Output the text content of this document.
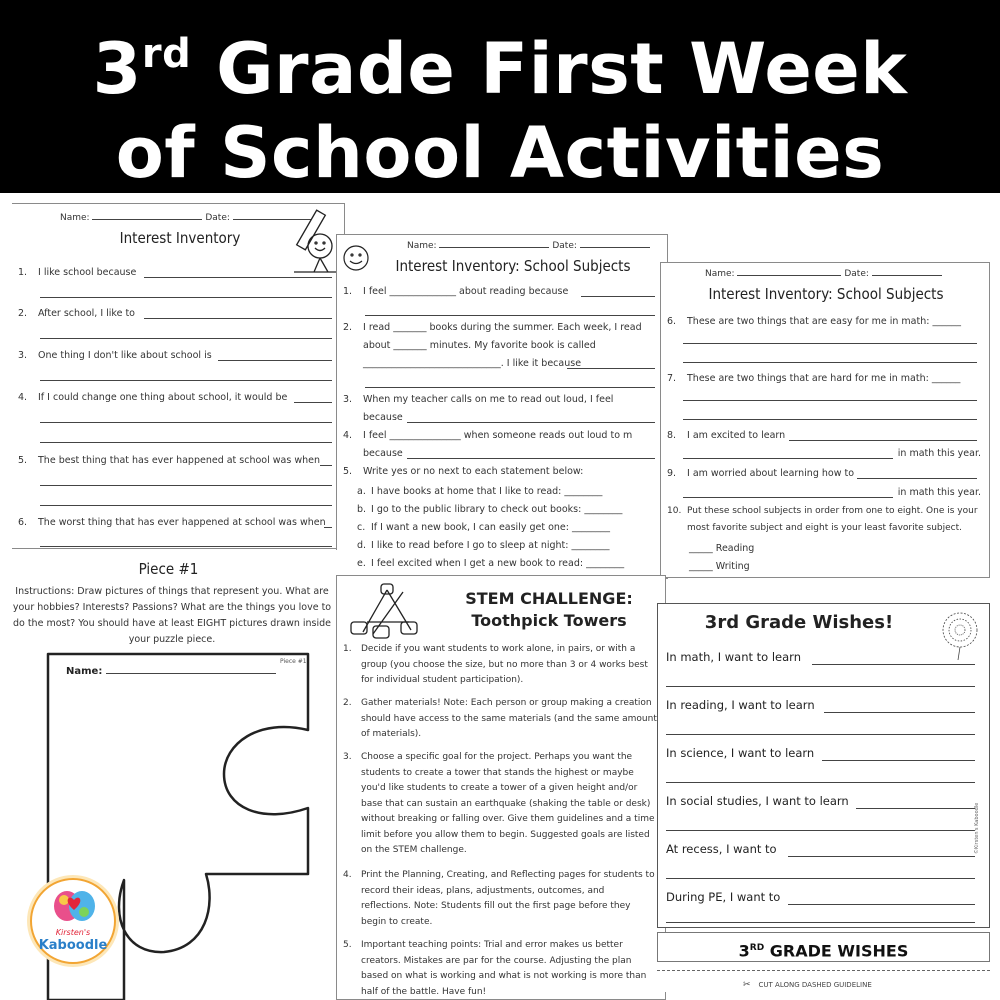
3rd Grade First Week
of School Activities
Name:	Date:
Interest Inventory
1. I like school because
2. After school, I like to
3. One thing I don't like about school is
4. If I could change one thing about school, it would be
5. The best thing that has ever happened at school was when
6. The worst thing that has ever happened at school was when
Name:	Date:
Interest Inventory: School Subjects
1. I feel ______________ about reading because
2. I read _______ books during the summer. Each week, I read
about _______ minutes. My favorite book is called
_____________________________. I like it because
3. When my teacher calls on me to read out loud, I feel
because
4. I feel _______________ when someone reads out loud to m
because
5. Write yes or no next to each statement below:
a. I have books at home that I like to read: ________
b. I go to the public library to check out books: ________
c. If I want a new book, I can easily get one: ________
d. I like to read before I go to sleep at night: ________
e. I feel excited when I get a new book to read: ________
Name:	Date:
Interest Inventory: School Subjects
6. These are two things that are easy for me in math: ______
7. These are two things that are hard for me in math: ______
8. I am excited to learn
in math this year.
9. I am worried about learning how to
in math this year.
10. Put these school subjects in order from one to eight. One is your
most favorite subject and eight is your least favorite subject.
_____ Reading
_____ Writing
Piece #1
Instructions: Draw pictures of things that represent you. What are your hobbies? Interests? Passions? What are the things you love to do the most? You should have at least EIGHT pictures drawn inside your puzzle piece.
Name:
Piece #1
Kirsten's
Kaboodle
STEM CHALLENGE:
Toothpick Towers
1. Decide if you want students to work alone, in pairs, or with a group (you choose the size, but no more than 3 or 4 works best for individual student participation).
2. Gather materials! Note: Each person or group making a creation should have access to the same materials (and the same amount of materials).
3. Choose a specific goal for the project. Perhaps you want the students to create a tower that stands the highest or maybe you'd like students to create a tower of a given height and/or base that can sustain an earthquake (shaking the table or desk) without breaking or falling over. Give them guidelines and a time limit before you allow them to begin. Suggested goals are listed on the STEM challenge.
4. Print the Planning, Creating, and Reflecting pages for students to record their ideas, plans, adjustments, outcomes, and reflections. Note: Students fill out the first page before they begin to create.
5. Important teaching points: Trial and error makes us better creators. Mistakes are par for the course. Adjusting the plan based on what is working and what is not working is more than half of the battle. Have fun!
3rd Grade Wishes!
In math, I want to learn
In reading, I want to learn
In science, I want to learn
In social studies, I want to learn
At recess, I want to
During PE, I want to
©Kirsten's Kaboodle
3RD GRADE WISHES
✂ CUT ALONG DASHED GUIDELINE
